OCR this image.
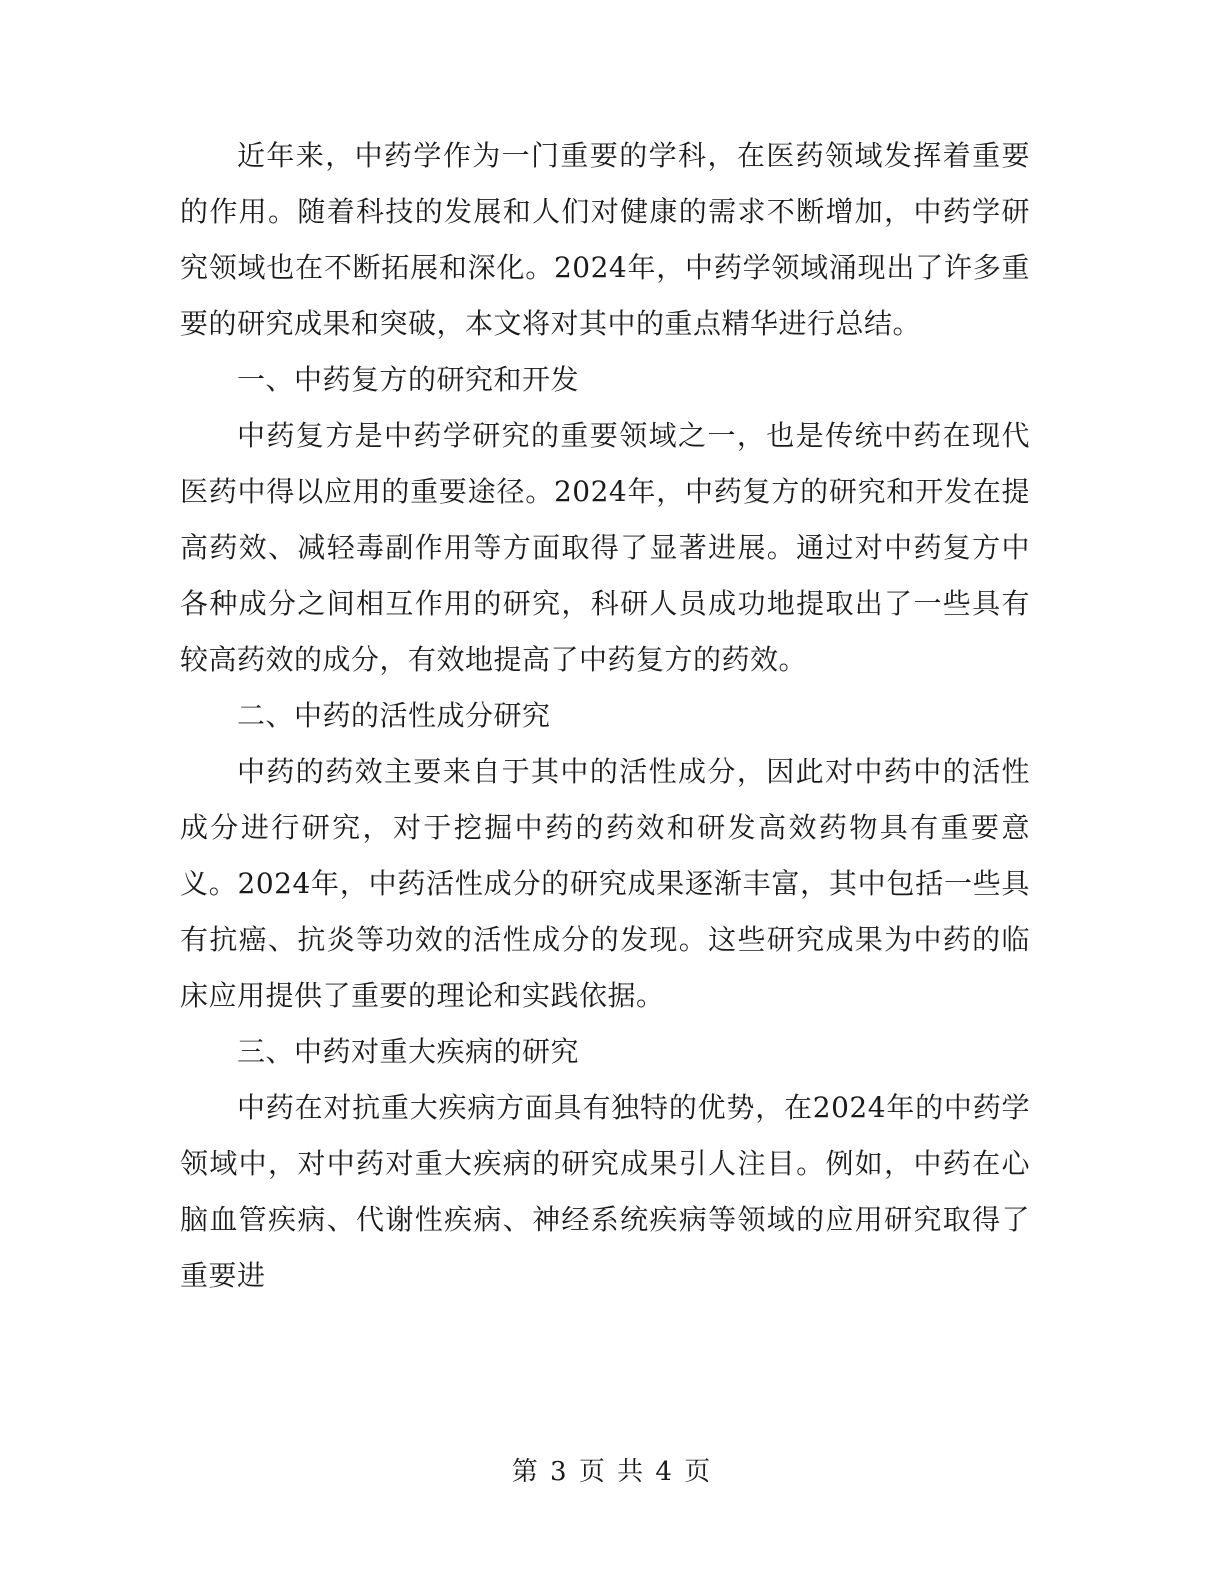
近年来，中药学作为一门重要的学科，在医药领域发挥着重要的作用。随着科技的发展和人们对健康的需求不断增加，中药学研究领域也在不断拓展和深化。2024年，中药学领域涌现出了许多重要的研究成果和突破，本文将对其中的重点精华进行总结。

一、中药复方的研究和开发

中药复方是中药学研究的重要领域之一，也是传统中药在现代医药中得以应用的重要途径。2024年，中药复方的研究和开发在提高药效、减轻毒副作用等方面取得了显著进展。通过对中药复方中各种成分之间相互作用的研究，科研人员成功地提取出了一些具有较高药效的成分，有效地提高了中药复方的药效。

二、中药的活性成分研究

中药的药效主要来自于其中的活性成分，因此对中药中的活性成分进行研究，对于挖掘中药的药效和研发高效药物具有重要意义。2024年，中药活性成分的研究成果逐渐丰富，其中包括一些具有抗癌、抗炎等功效的活性成分的发现。这些研究成果为中药的临床应用提供了重要的理论和实践依据。

三、中药对重大疾病的研究

中药在对抗重大疾病方面具有独特的优势，在2024年的中药学领域中，对中药对重大疾病的研究成果引人注目。例如，中药在心脑血管疾病、代谢性疾病、神经系统疾病等领域的应用研究取得了重要进

第 3 页 共 4 页
